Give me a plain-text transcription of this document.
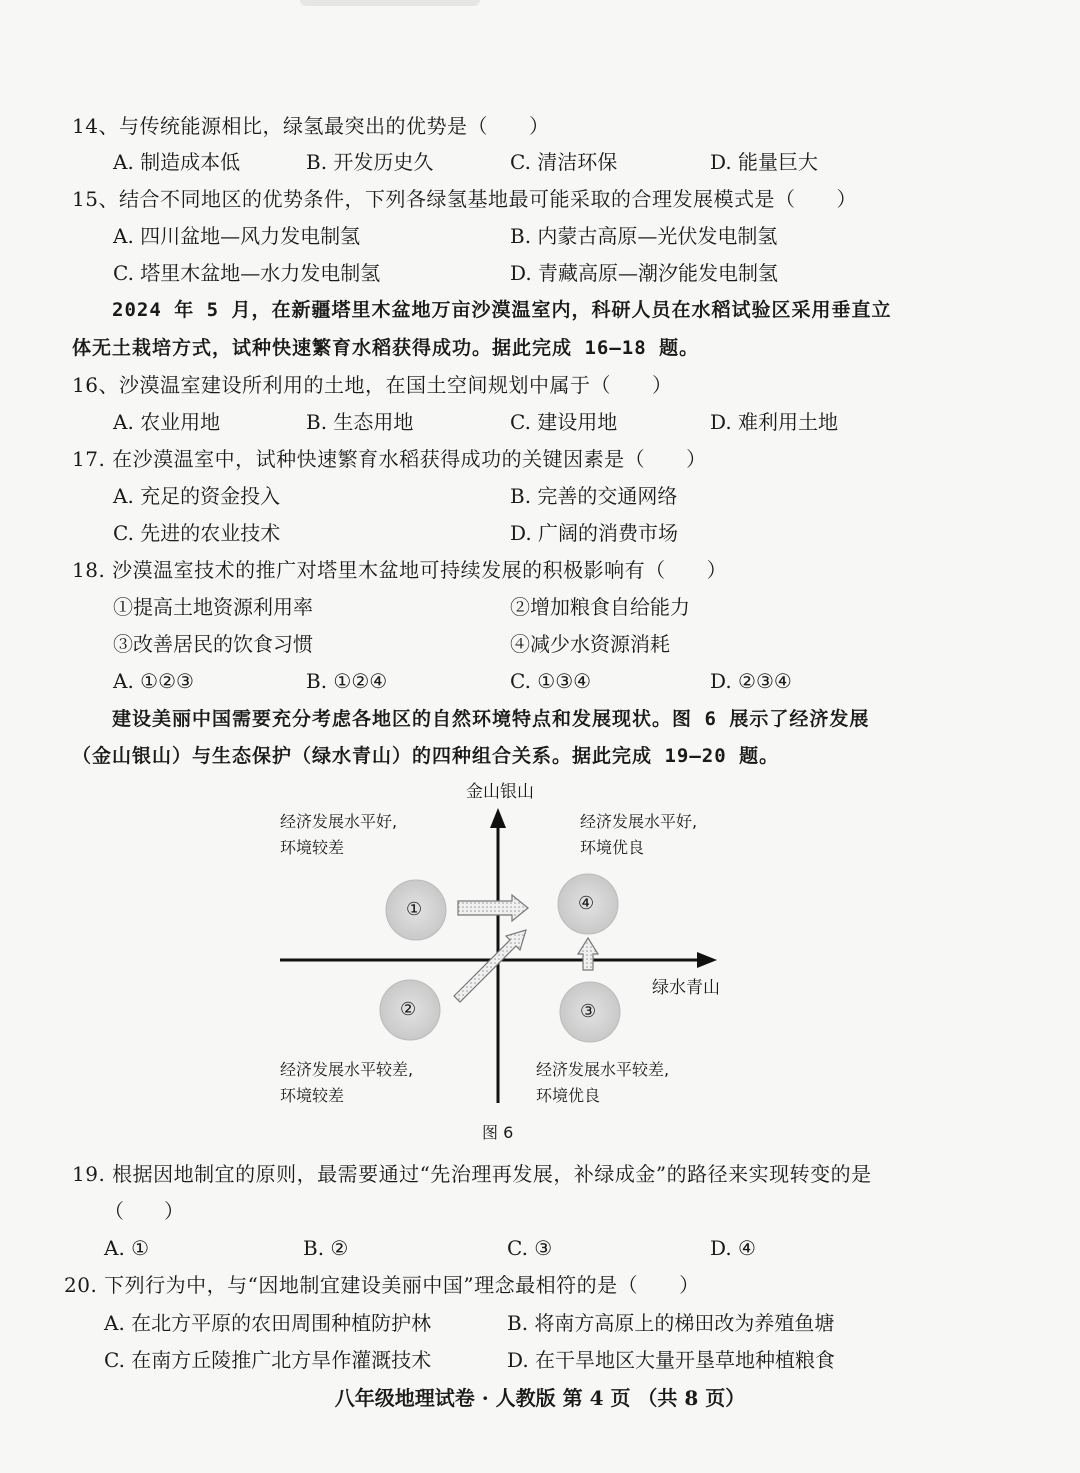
14、与传统能源相比，绿氢最突出的优势是（　　）
A. 制造成本低	B. 开发历史久	C. 清洁环保	D. 能量巨大
15、结合不同地区的优势条件，下列各绿氢基地最可能采取的合理发展模式是（　　）
A. 四川盆地—风力发电制氢	B. 内蒙古高原—光伏发电制氢
C. 塔里木盆地—水力发电制氢	D. 青藏高原—潮汐能发电制氢
2024 年 5 月，在新疆塔里木盆地万亩沙漠温室内，科研人员在水稻试验区采用垂直立
体无土栽培方式，试种快速繁育水稻获得成功。据此完成 16—18 题。
16、沙漠温室建设所利用的土地，在国土空间规划中属于（　　）
A. 农业用地	B. 生态用地	C. 建设用地	D. 难利用土地
17. 在沙漠温室中，试种快速繁育水稻获得成功的关键因素是（　　）
A. 充足的资金投入	B. 完善的交通网络
C. 先进的农业技术	D. 广阔的消费市场
18. 沙漠温室技术的推广对塔里木盆地可持续发展的积极影响有（　　）
①提高土地资源利用率	②增加粮食自给能力
③改善居民的饮食习惯	④减少水资源消耗
A. ①②③	B. ①②④	C. ①③④	D. ②③④
建设美丽中国需要充分考虑各地区的自然环境特点和发展现状。图 6 展示了经济发展
（金山银山）与生态保护（绿水青山）的四种组合关系。据此完成 19—20 题。
金山银山
绿水青山
经济发展水平好,
环境较差
经济发展水平好,
环境优良
经济发展水平较差,
环境较差
经济发展水平较差,
环境优良
①	④
②	③
图 6
19. 根据因地制宜的原则，最需要通过“先治理再发展，补绿成金”的路径来实现转变的是
（　　）
A. ①	B. ②	C. ③	D. ④
20. 下列行为中，与“因地制宜建设美丽中国”理念最相符的是（　　）
A. 在北方平原的农田周围种植防护林	B. 将南方高原上的梯田改为养殖鱼塘
C. 在南方丘陵推广北方旱作灌溉技术	D. 在干旱地区大量开垦草地种植粮食
八年级地理试卷 · 人教版 第 4 页 （共 8 页）
